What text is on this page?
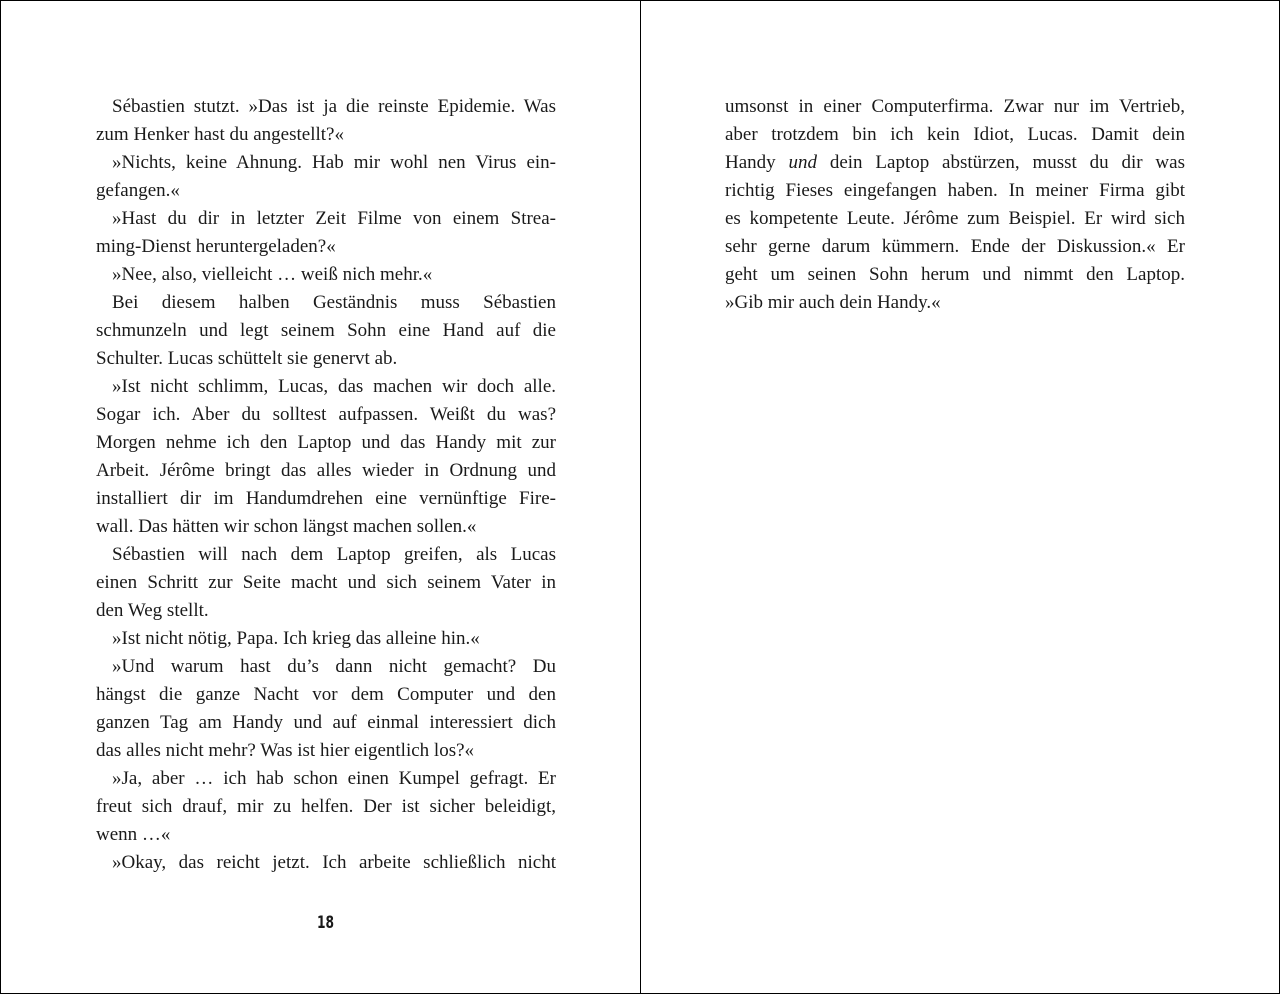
Sébastien stutzt. »Das ist ja die reinste Epidemie. Was
zum Henker hast du angestellt?«
»Nichts, keine Ahnung. Hab mir wohl nen Virus ein-
gefangen.«
»Hast du dir in letzter Zeit Filme von einem Strea-
ming-Dienst heruntergeladen?«
»Nee, also, vielleicht … weiß nich mehr.«
Bei diesem halben Geständnis muss Sébastien
schmunzeln und legt seinem Sohn eine Hand auf die
Schulter. Lucas schüttelt sie genervt ab.
»Ist nicht schlimm, Lucas, das machen wir doch alle.
Sogar ich. Aber du solltest aufpassen. Weißt du was?
Morgen nehme ich den Laptop und das Handy mit zur
Arbeit. Jérôme bringt das alles wieder in Ordnung und
installiert dir im Handumdrehen eine vernünftige Fire-
wall. Das hätten wir schon längst machen sollen.«
Sébastien will nach dem Laptop greifen, als Lucas
einen Schritt zur Seite macht und sich seinem Vater in
den Weg stellt.
»Ist nicht nötig, Papa. Ich krieg das alleine hin.«
»Und warum hast du’s dann nicht gemacht? Du
hängst die ganze Nacht vor dem Computer und den
ganzen Tag am Handy und auf einmal interessiert dich
das alles nicht mehr? Was ist hier eigentlich los?«
»Ja, aber … ich hab schon einen Kumpel gefragt. Er
freut sich drauf, mir zu helfen. Der ist sicher beleidigt,
wenn …«
»Okay, das reicht jetzt. Ich arbeite schließlich nicht
18
umsonst in einer Computerfirma. Zwar nur im Vertrieb,
aber trotzdem bin ich kein Idiot, Lucas. Damit dein
Handy und dein Laptop abstürzen, musst du dir was
richtig Fieses eingefangen haben. In meiner Firma gibt
es kompetente Leute. Jérôme zum Beispiel. Er wird sich
sehr gerne darum kümmern. Ende der Diskussion.« Er
geht um seinen Sohn herum und nimmt den Laptop.
»Gib mir auch dein Handy.«
